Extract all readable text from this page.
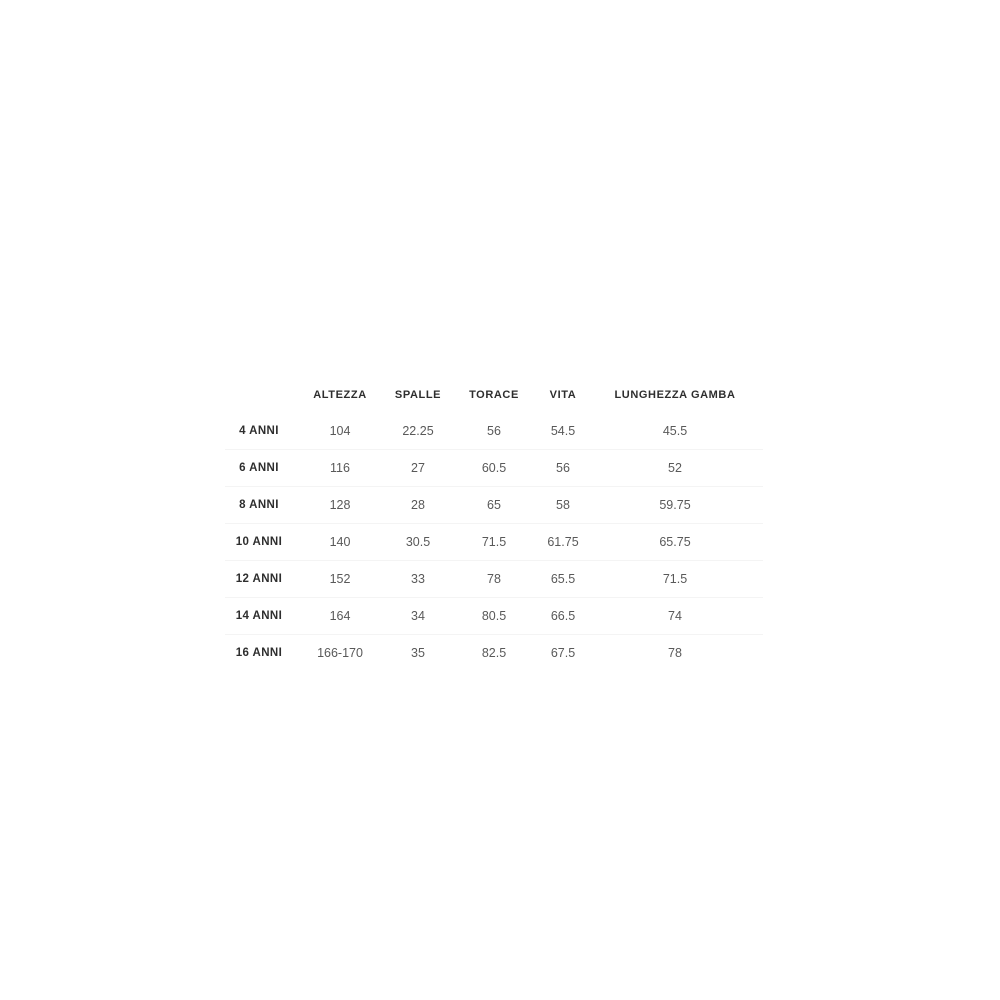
	ALTEZZA	SPALLE	TORACE	VITA	LUNGHEZZA GAMBA
4 ANNI	104	22.25	56	54.5	45.5
6 ANNI	116	27	60.5	56	52
8 ANNI	128	28	65	58	59.75
10 ANNI	140	30.5	71.5	61.75	65.75
12 ANNI	152	33	78	65.5	71.5
14 ANNI	164	34	80.5	66.5	74
16 ANNI	166-170	35	82.5	67.5	78
